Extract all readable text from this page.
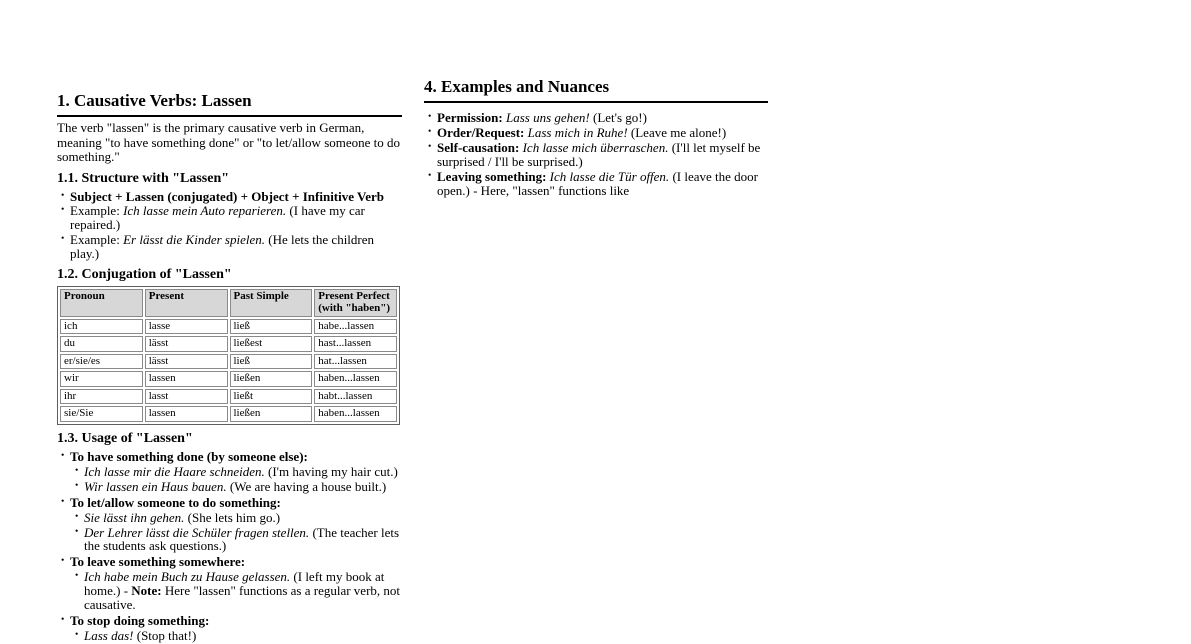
1. Causative Verbs: Lassen

The verb "lassen" is the primary causative verb in German, meaning "to have something done" or "to let/allow someone to do something."

1.1. Structure with "Lassen"
• Subject + Lassen (conjugated) + Object + Infinitive Verb
• Example: Ich lasse mein Auto reparieren. (I have my car repaired.)
• Example: Er lässt die Kinder spielen. (He lets the children play.)
1.2. Conjugation of "Lassen"
Pronoun	Present	Past Simple	Present Perfect (with "haben")
ich	lasse	ließ	habe...lassen
du	lässt	ließest	hast...lassen
er/sie/es	lässt	ließ	hat...lassen
wir	lassen	ließen	haben...lassen
ihr	lasst	ließt	habt...lassen
sie/Sie	lassen	ließen	haben...lassen
1.3. Usage of "Lassen"
• To have something done (by someone else):
• Ich lasse mir die Haare schneiden. (I'm having my hair cut.)
• Wir lassen ein Haus bauen. (We are having a house built.)
• To let/allow someone to do something:
• Sie lässt ihn gehen. (She lets him go.)
• Der Lehrer lässt die Schüler fragen stellen. (The teacher lets the students ask questions.)
• To leave something somewhere:
• Ich habe mein Buch zu Hause gelassen. (I left my book at home.) - Note: Here "lassen" functions as a regular verb, not causative.
• To stop doing something:
• Lass das! (Stop that!)
4. Examples and Nuances
• Permission: Lass uns gehen! (Let's go!)
• Order/Request: Lass mich in Ruhe! (Leave me alone!)
• Self-causation: Ich lasse mich überraschen. (I'll let myself be surprised / I'll be surprised.)
• Leaving something: Ich lasse die Tür offen. (I leave the door open.) - Here, "lassen" functions like
